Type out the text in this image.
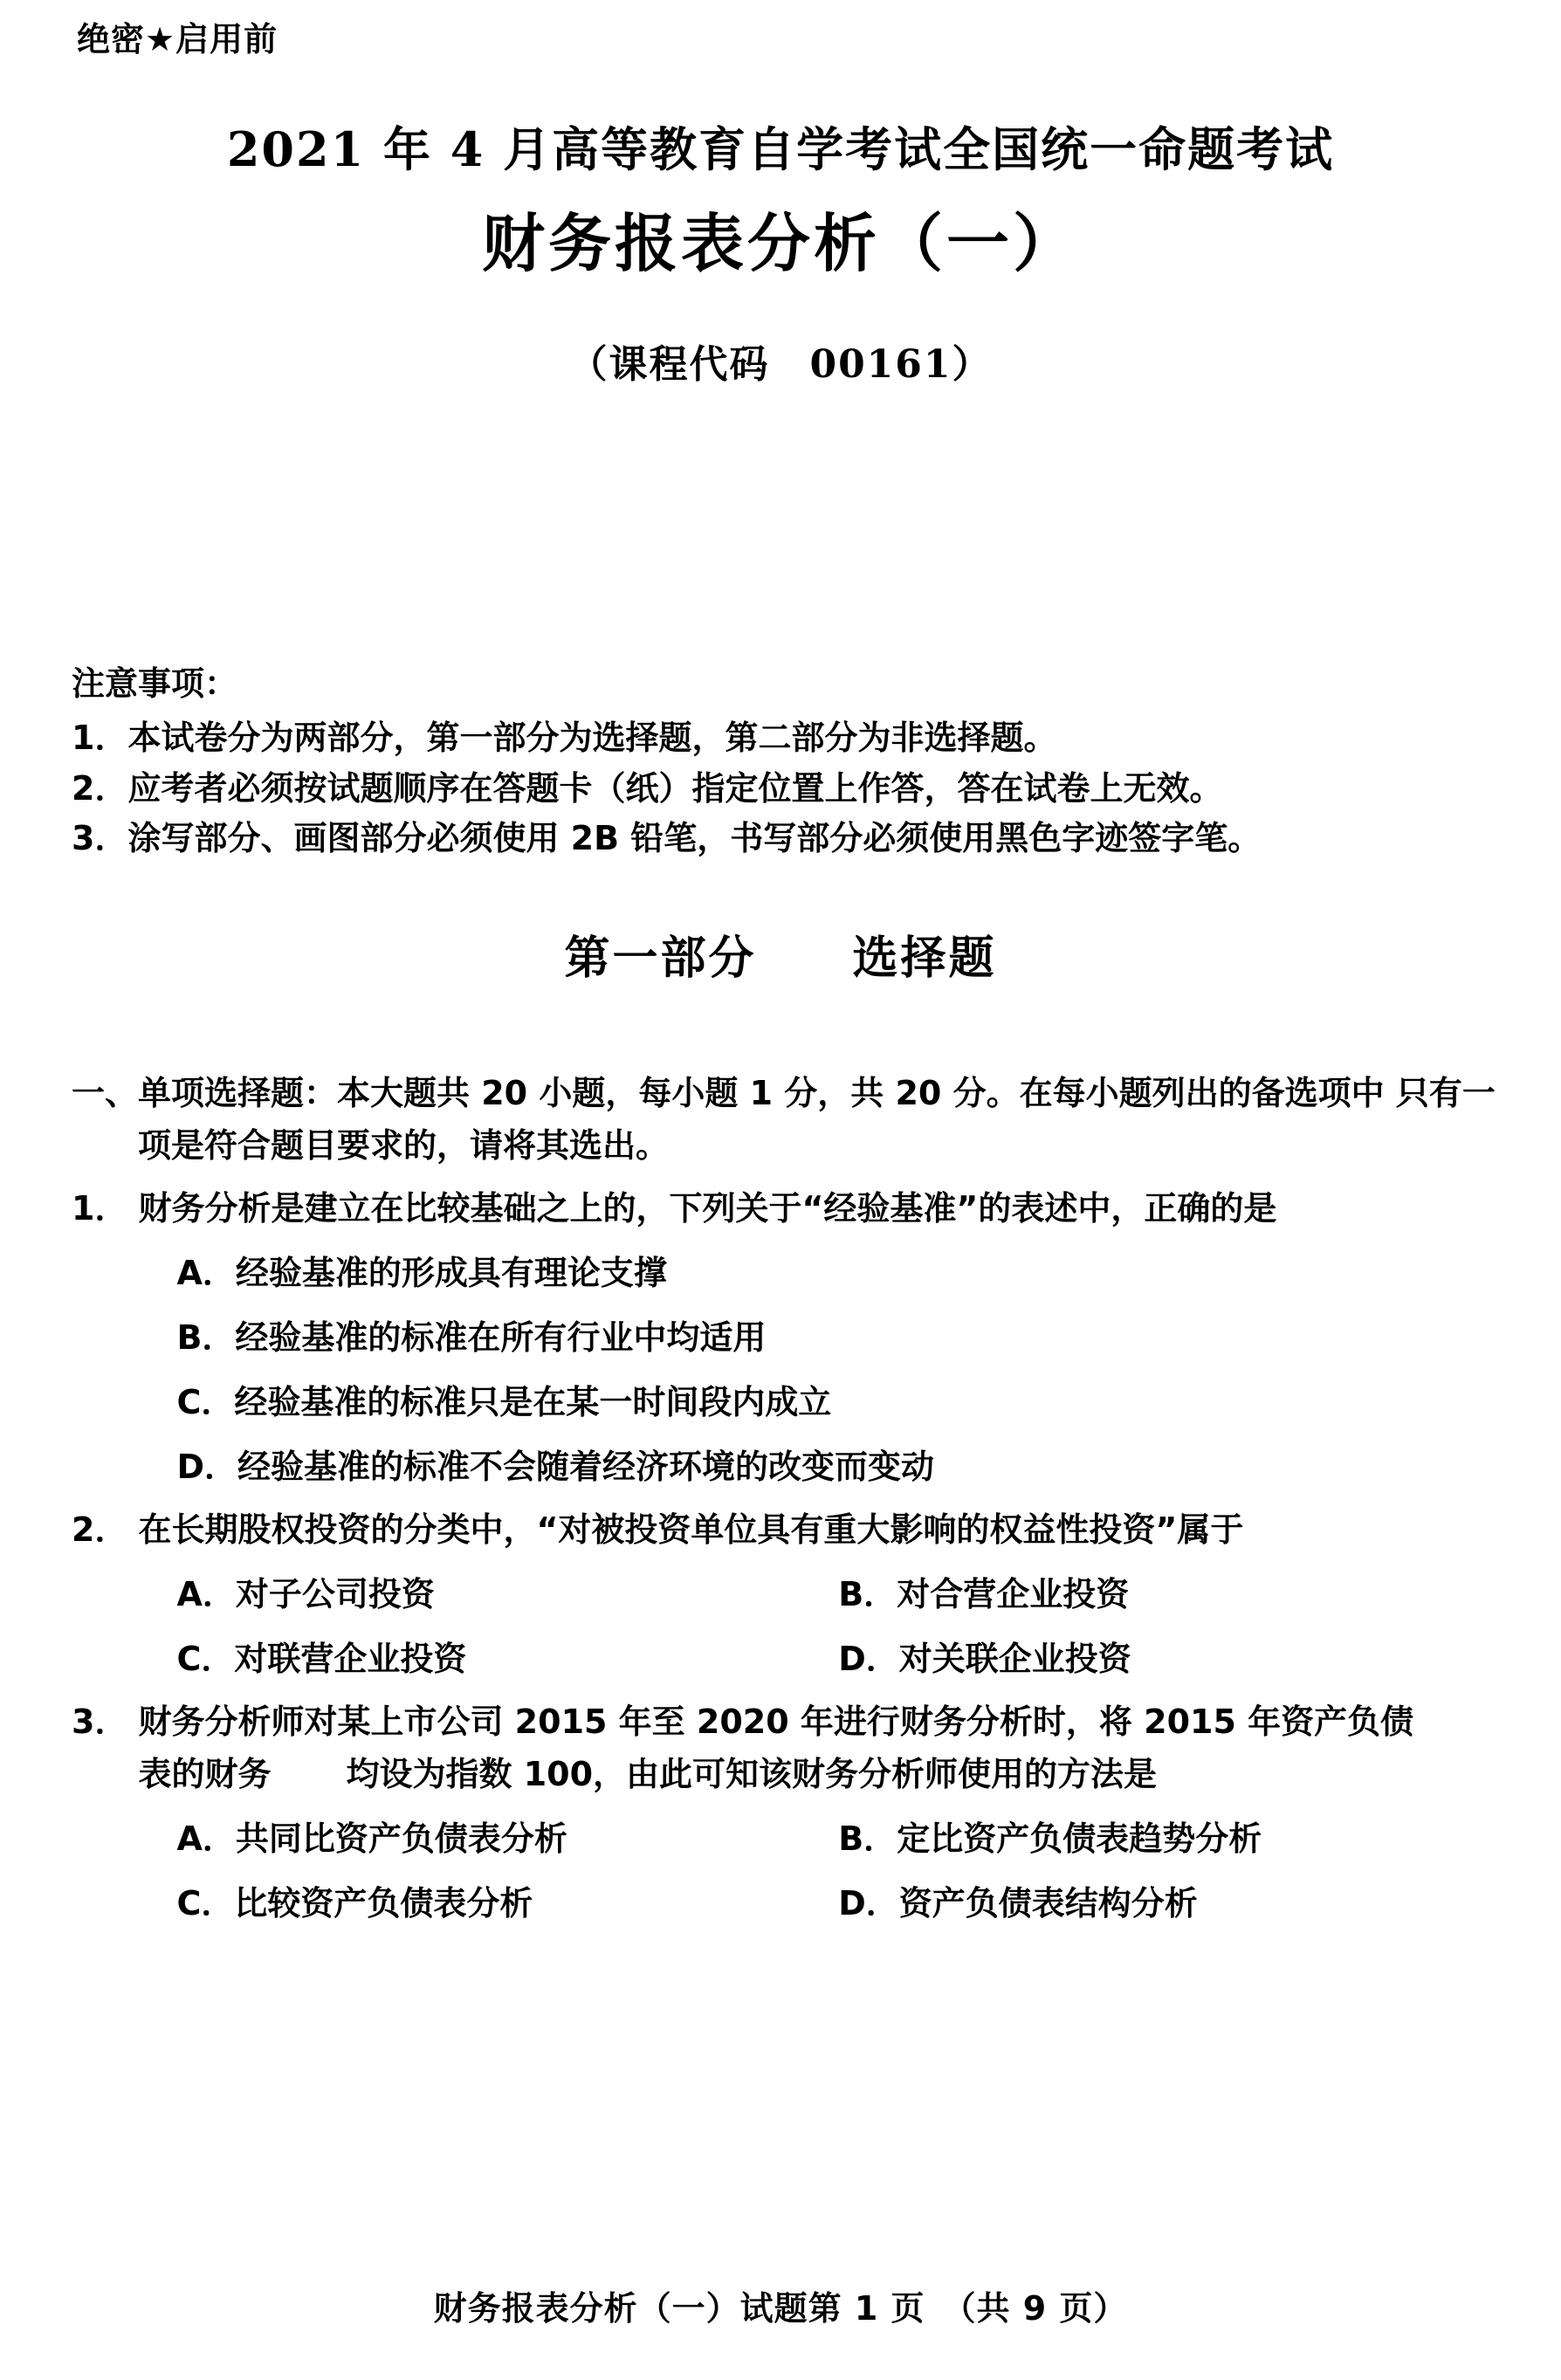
绝密★启用前
2021 年 4 月高等教育自学考试全国统一命题考试
财务报表分析（一）
（课程代码　00161）
注意事项：
1．本试卷分为两部分，第一部分为选择题，第二部分为非选择题。
2．应考者必须按试题顺序在答题卡（纸）指定位置上作答，答在试卷上无效。
3．涂写部分、画图部分必须使用 2B 铅笔，书写部分必须使用黑色字迹签字笔。
第一部分　　选择题
一、 单项选择题：本大题共 20 小题，每小题 1 分，共 20 分。在每小题列出的备选项中 只有一项是符合题目要求的，请将其选出。
1． 财务分析是建立在比较基础之上的，下列关于“经验基准”的表述中，正确的是
A．经验基准的形成具有理论支撑
B．经验基准的标准在所有行业中均适用
C．经验基准的标准只是在某一时间段内成立
D．经验基准的标准不会随着经济环境的改变而变动
2． 在长期股权投资的分类中，“对被投资单位具有重大影响的权益性投资”属于
A．对子公司投资	B．对合营企业投资
C．对联营企业投资	D．对关联企业投资
3． 财务分析师对某上市公司 2015 年至 2020 年进行财务分析时，将 2015 年资产负债
表的财务 均设为指数 100，由此可知该财务分析师使用的方法是
A．共同比资产负债表分析	B．定比资产负债表趋势分析
C．比较资产负债表分析	D．资产负债表结构分析
财务报表分析（一）试题第 1 页　（共 9 页）
